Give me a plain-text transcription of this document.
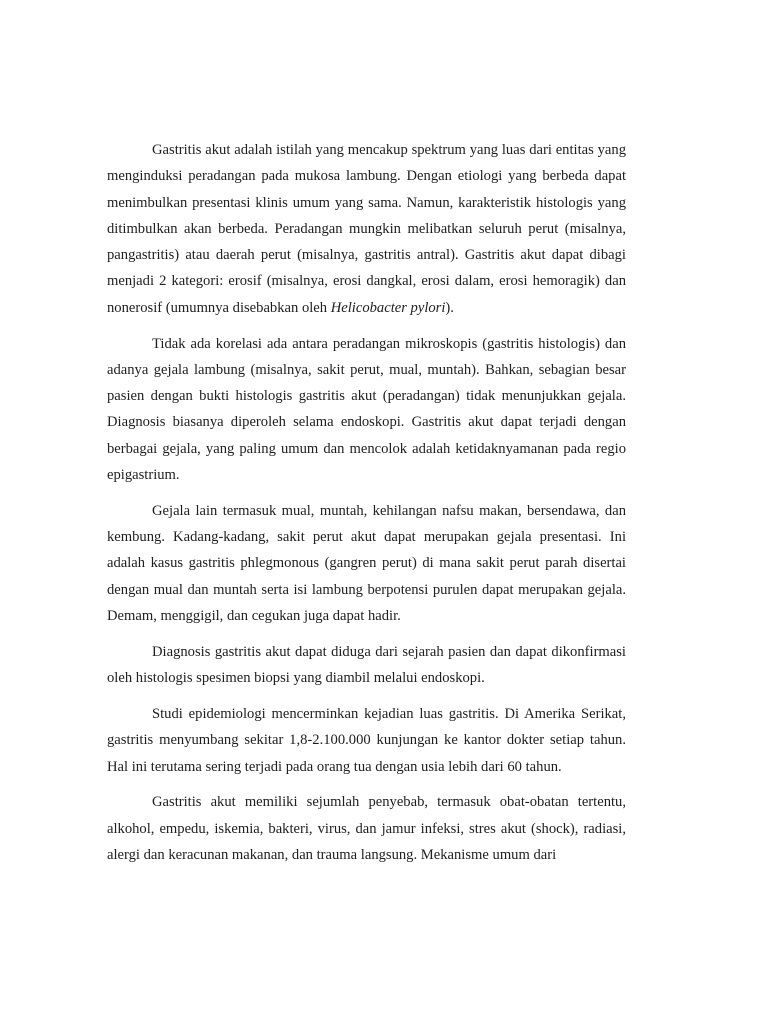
Gastritis akut adalah istilah yang mencakup spektrum yang luas dari entitas yang menginduksi peradangan pada mukosa lambung. Dengan etiologi yang berbeda dapat menimbulkan presentasi klinis umum yang sama. Namun, karakteristik histologis yang ditimbulkan akan berbeda. Peradangan mungkin melibatkan seluruh perut (misalnya, pangastritis) atau daerah perut (misalnya, gastritis antral). Gastritis akut dapat dibagi menjadi 2 kategori: erosif (misalnya, erosi dangkal, erosi dalam, erosi hemoragik) dan nonerosif (umumnya disebabkan oleh Helicobacter pylori).

Tidak ada korelasi ada antara peradangan mikroskopis (gastritis histologis) dan adanya gejala lambung (misalnya, sakit perut, mual, muntah). Bahkan, sebagian besar pasien dengan bukti histologis gastritis akut (peradangan) tidak menunjukkan gejala. Diagnosis biasanya diperoleh selama endoskopi. Gastritis akut dapat terjadi dengan berbagai gejala, yang paling umum dan mencolok adalah ketidaknyamanan pada regio epigastrium.

Gejala lain termasuk mual, muntah, kehilangan nafsu makan, bersendawa, dan kembung. Kadang-kadang, sakit perut akut dapat merupakan gejala presentasi. Ini adalah kasus gastritis phlegmonous (gangren perut) di mana sakit perut parah disertai dengan mual dan muntah serta isi lambung berpotensi purulen dapat merupakan gejala. Demam, menggigil, dan cegukan juga dapat hadir.

Diagnosis gastritis akut dapat diduga dari sejarah pasien dan dapat dikonfirmasi oleh histologis spesimen biopsi yang diambil melalui endoskopi.

Studi epidemiologi mencerminkan kejadian luas gastritis. Di Amerika Serikat, gastritis menyumbang sekitar 1,8-2.100.000 kunjungan ke kantor dokter setiap tahun. Hal ini terutama sering terjadi pada orang tua dengan usia lebih dari 60 tahun.

Gastritis akut memiliki sejumlah penyebab, termasuk obat-obatan tertentu, alkohol, empedu, iskemia, bakteri, virus, dan jamur infeksi, stres akut (shock), radiasi, alergi dan keracunan makanan, dan trauma langsung. Mekanisme umum dari
